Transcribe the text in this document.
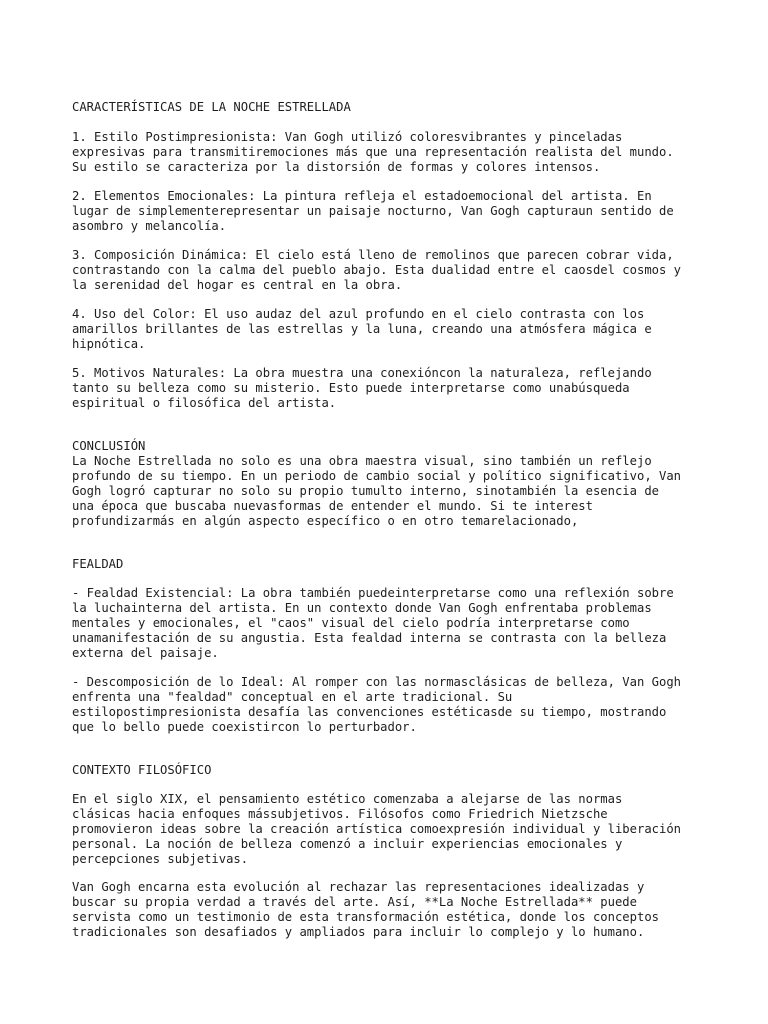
CARACTERÍSTICAS DE LA NOCHE ESTRELLADA

1. Estilo Postimpresionista: Van Gogh utilizó coloresvibrantes y pinceladas
expresivas para transmitiremociones más que una representación realista del mundo.
Su estilo se caracteriza por la distorsión de formas y colores intensos.

2. Elementos Emocionales: La pintura refleja el estadoemocional del artista. En
lugar de simplementerepresentar un paisaje nocturno, Van Gogh capturaun sentido de
asombro y melancolía.

3. Composición Dinámica: El cielo está lleno de remolinos que parecen cobrar vida,
contrastando con la calma del pueblo abajo. Esta dualidad entre el caosdel cosmos y
la serenidad del hogar es central en la obra.

4. Uso del Color: El uso audaz del azul profundo en el cielo contrasta con los
amarillos brillantes de las estrellas y la luna, creando una atmósfera mágica e
hipnótica.

5. Motivos Naturales: La obra muestra una conexióncon la naturaleza, reflejando
tanto su belleza como su misterio. Esto puede interpretarse como unabúsqueda
espiritual o filosófica del artista.

CONCLUSIÓN

La Noche Estrellada no solo es una obra maestra visual, sino también un reflejo
profundo de su tiempo. En un periodo de cambio social y político significativo, Van
Gogh logró capturar no solo su propio tumulto interno, sinotambién la esencia de
una época que buscaba nuevasformas de entender el mundo. Si te interest
profundizarmás en algún aspecto específico o en otro temarelacionado,

FEALDAD

- Fealdad Existencial: La obra también puedeinterpretarse como una reflexión sobre
la luchainterna del artista. En un contexto donde Van Gogh enfrentaba problemas
mentales y emocionales, el "caos" visual del cielo podría interpretarse como
unamanifestación de su angustia. Esta fealdad interna se contrasta con la belleza
externa del paisaje.

- Descomposición de lo Ideal: Al romper con las normasclásicas de belleza, Van Gogh
enfrenta una "fealdad" conceptual en el arte tradicional. Su
estilopostimpresionista desafía las convenciones estéticasde su tiempo, mostrando
que lo bello puede coexistircon lo perturbador.

CONTEXTO FILOSÓFICO

En el siglo XIX, el pensamiento estético comenzaba a alejarse de las normas
clásicas hacia enfoques mássubjetivos. Filósofos como Friedrich Nietzsche
promovieron ideas sobre la creación artística comoexpresión individual y liberación
personal. La noción de belleza comenzó a incluir experiencias emocionales y
percepciones subjetivas.

Van Gogh encarna esta evolución al rechazar las representaciones idealizadas y
buscar su propia verdad a través del arte. Así, **La Noche Estrellada** puede
servista como un testimonio de esta transformación estética, donde los conceptos
tradicionales son desafiados y ampliados para incluir lo complejo y lo humano.
